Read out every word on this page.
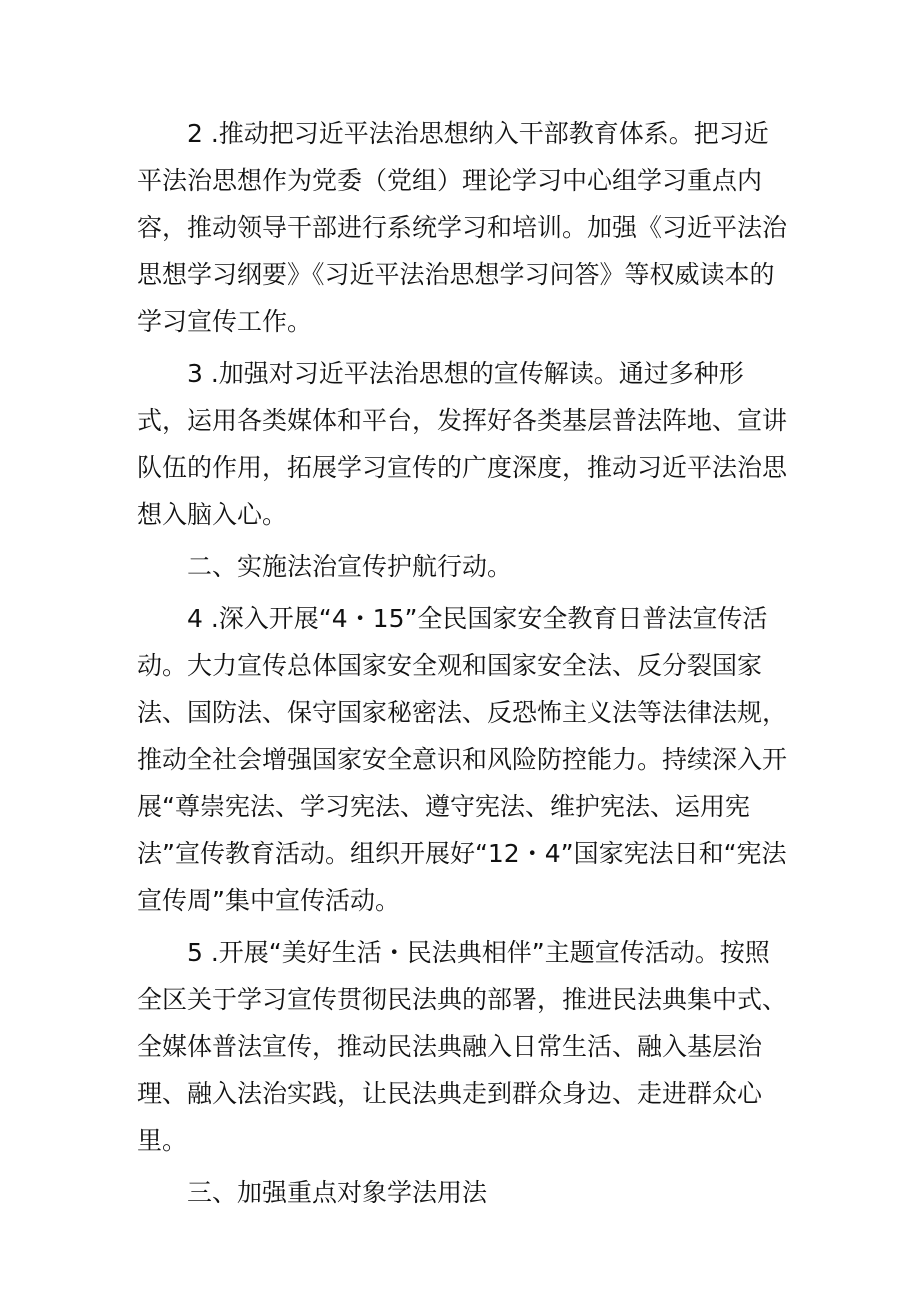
2 .推动把习近平法治思想纳入干部教育体系。把习近平法治思想作为党委（党组）理论学习中心组学习重点内容，推动领导干部进行系统学习和培训。加强《习近平法治思想学习纲要》《习近平法治思想学习问答》等权威读本的学习宣传工作。

3 .加强对习近平法治思想的宣传解读。通过多种形式，运用各类媒体和平台，发挥好各类基层普法阵地、宣讲队伍的作用，拓展学习宣传的广度深度，推动习近平法治思想入脑入心。

二、实施法治宣传护航行动。

4 .深入开展“4・15”全民国家安全教育日普法宣传活动。大力宣传总体国家安全观和国家安全法、反分裂国家法、国防法、保守国家秘密法、反恐怖主义法等法律法规，推动全社会增强国家安全意识和风险防控能力。持续深入开展“尊崇宪法、学习宪法、遵守宪法、维护宪法、运用宪法”宣传教育活动。组织开展好“12・4”国家宪法日和“宪法宣传周”集中宣传活动。

5 .开展“美好生活・民法典相伴”主题宣传活动。按照全区关于学习宣传贯彻民法典的部署，推进民法典集中式、全媒体普法宣传，推动民法典融入日常生活、融入基层治理、融入法治实践，让民法典走到群众身边、走进群众心里。

三、加强重点对象学法用法
